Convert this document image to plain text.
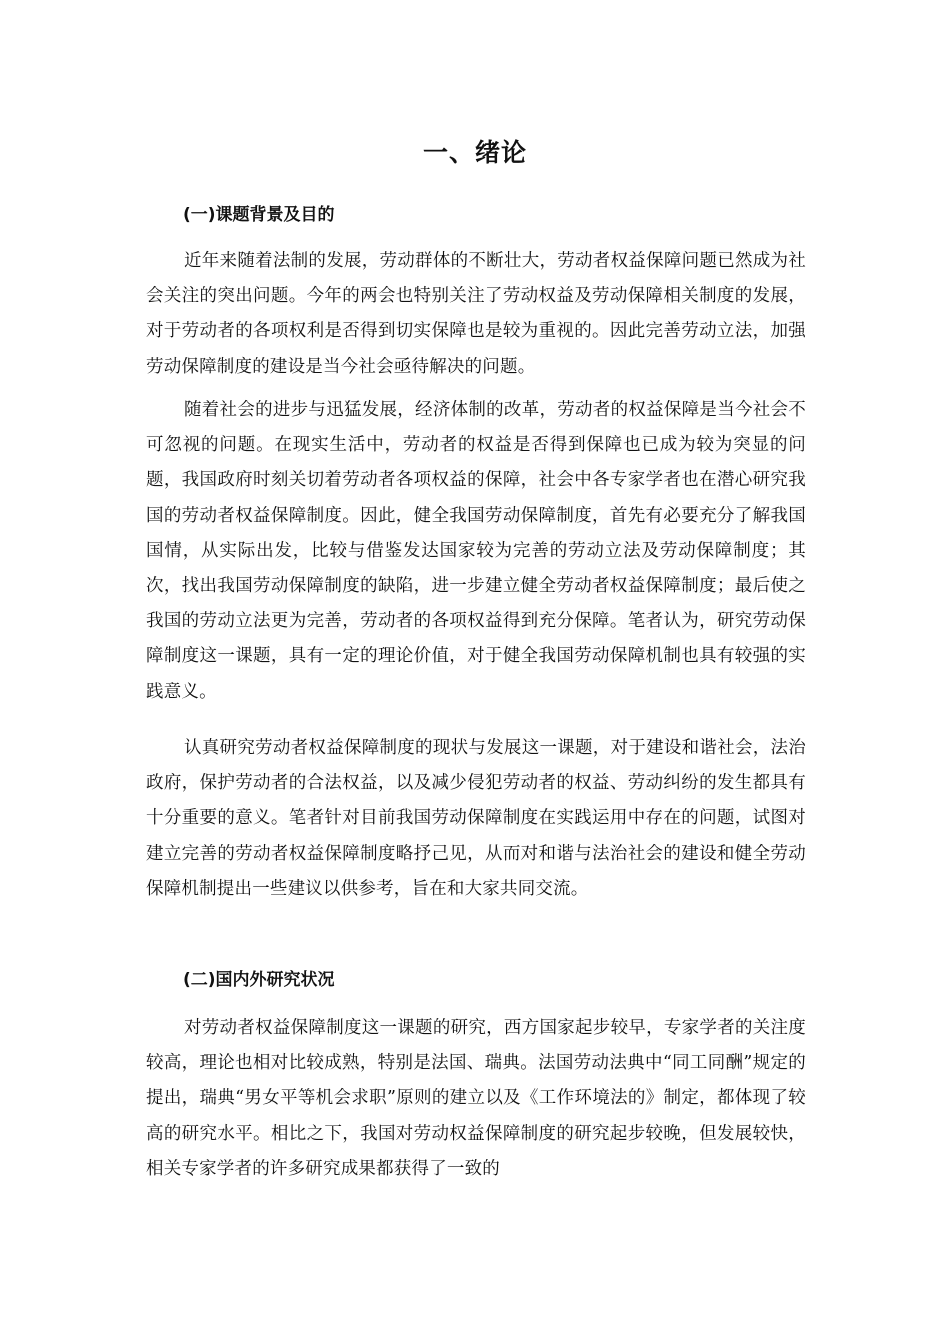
一、绪论
(一)课题背景及目的

近年来随着法制的发展，劳动群体的不断壮大，劳动者权益保障问题已然成为社会关注的突出问题。今年的两会也特别关注了劳动权益及劳动保障相关制度的发展，对于劳动者的各项权利是否得到切实保障也是较为重视的。因此完善劳动立法，加强劳动保障制度的建设是当今社会亟待解决的问题。

随着社会的进步与迅猛发展，经济体制的改革，劳动者的权益保障是当今社会不可忽视的问题。在现实生活中，劳动者的权益是否得到保障也已成为较为突显的问题，我国政府时刻关切着劳动者各项权益的保障，社会中各专家学者也在潜心研究我国的劳动者权益保障制度。因此，健全我国劳动保障制度，首先有必要充分了解我国国情，从实际出发，比较与借鉴发达国家较为完善的劳动立法及劳动保障制度；其次，找出我国劳动保障制度的缺陷，进一步建立健全劳动者权益保障制度；最后使之我国的劳动立法更为完善，劳动者的各项权益得到充分保障。笔者认为，研究劳动保障制度这一课题，具有一定的理论价值，对于健全我国劳动保障机制也具有较强的实践意义。

认真研究劳动者权益保障制度的现状与发展这一课题，对于建设和谐社会，法治政府，保护劳动者的合法权益，以及减少侵犯劳动者的权益、劳动纠纷的发生都具有十分重要的意义。笔者针对目前我国劳动保障制度在实践运用中存在的问题，试图对建立完善的劳动者权益保障制度略抒己见，从而对和谐与法治社会的建设和健全劳动保障机制提出一些建议以供参考，旨在和大家共同交流。

(二)国内外研究状况

对劳动者权益保障制度这一课题的研究，西方国家起步较早，专家学者的关注度较高，理论也相对比较成熟，特别是法国、瑞典。法国劳动法典中“同工同酬”规定的提出，瑞典“男女平等机会求职”原则的建立以及《工作环境法的》制定，都体现了较高的研究水平。相比之下，我国对劳动权益保障制度的研究起步较晚，但发展较快，相关专家学者的许多研究成果都获得了一致的
